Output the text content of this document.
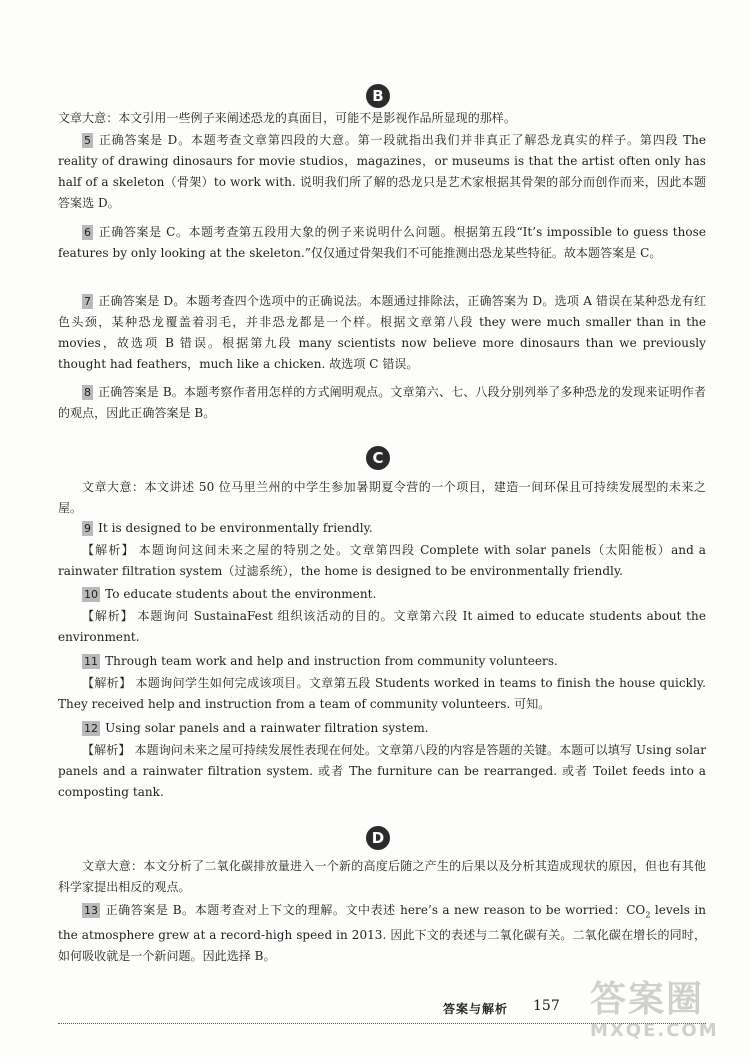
B
文章大意：本文引用一些例子来阐述恐龙的真面目，可能不是影视作品所显现的那样。
5 正确答案是 D。本题考查文章第四段的大意。第一段就指出我们并非真正了解恐龙真实的样子。第四段 The reality of drawing dinosaurs for movie studios，magazines，or museums is that the artist often only has half of a skeleton（骨架）to work with. 说明我们所了解的恐龙只是艺术家根据其骨架的部分而创作而来，因此本题答案选 D。
6 正确答案是 C。本题考查第五段用大象的例子来说明什么问题。根据第五段“It’s impossible to guess those features by only looking at the skeleton.”仅仅通过骨架我们不可能推测出恐龙某些特征。故本题答案是 C。
7 正确答案是 D。本题考查四个选项中的正确说法。本题通过排除法，正确答案为 D。选项 A 错误在某种恐龙有红色头颈，某种恐龙覆盖着羽毛，并非恐龙都是一个样。根据文章第八段 they were much smaller than in the movies，故选项 B 错误。根据第九段 many scientists now believe more dinosaurs than we previously thought had feathers，much like a chicken. 故选项 C 错误。
8 正确答案是 B。本题考察作者用怎样的方式阐明观点。文章第六、七、八段分别列举了多种恐龙的发现来证明作者的观点，因此正确答案是 B。
C
文章大意：本文讲述 50 位马里兰州的中学生参加暑期夏令营的一个项目，建造一间环保且可持续发展型的未来之屋。
9 It is designed to be environmentally friendly.
【解析】 本题询问这间未来之屋的特别之处。文章第四段 Complete with solar panels（太阳能板）and a rainwater filtration system（过滤系统），the home is designed to be environmentally friendly.
10 To educate students about the environment.
【解析】 本题询问 SustainaFest 组织该活动的目的。文章第六段 It aimed to educate students about the environment.
11 Through team work and help and instruction from community volunteers.
【解析】 本题询问学生如何完成该项目。文章第五段 Students worked in teams to finish the house quickly. They received help and instruction from a team of community volunteers. 可知。
12 Using solar panels and a rainwater filtration system.
【解析】 本题询问未来之屋可持续发展性表现在何处。文章第八段的内容是答题的关键。本题可以填写 Using solar panels and a rainwater filtration system. 或者 The furniture can be rearranged. 或者 Toilet feeds into a composting tank.
D
文章大意：本文分析了二氧化碳排放量进入一个新的高度后随之产生的后果以及分析其造成现状的原因，但也有其他科学家提出相反的观点。
13 正确答案是 B。本题考查对上下文的理解。文中表述 here’s a new reason to be worried：$CO_2$ levels in the atmosphere grew at a record-high speed in 2013. 因此下文的表述与二氧化碳有关。二氧化碳在增长的同时，如何吸收就是一个新问题。因此选择 B。
答案与解析 157 答案圈
MXQE.COM
